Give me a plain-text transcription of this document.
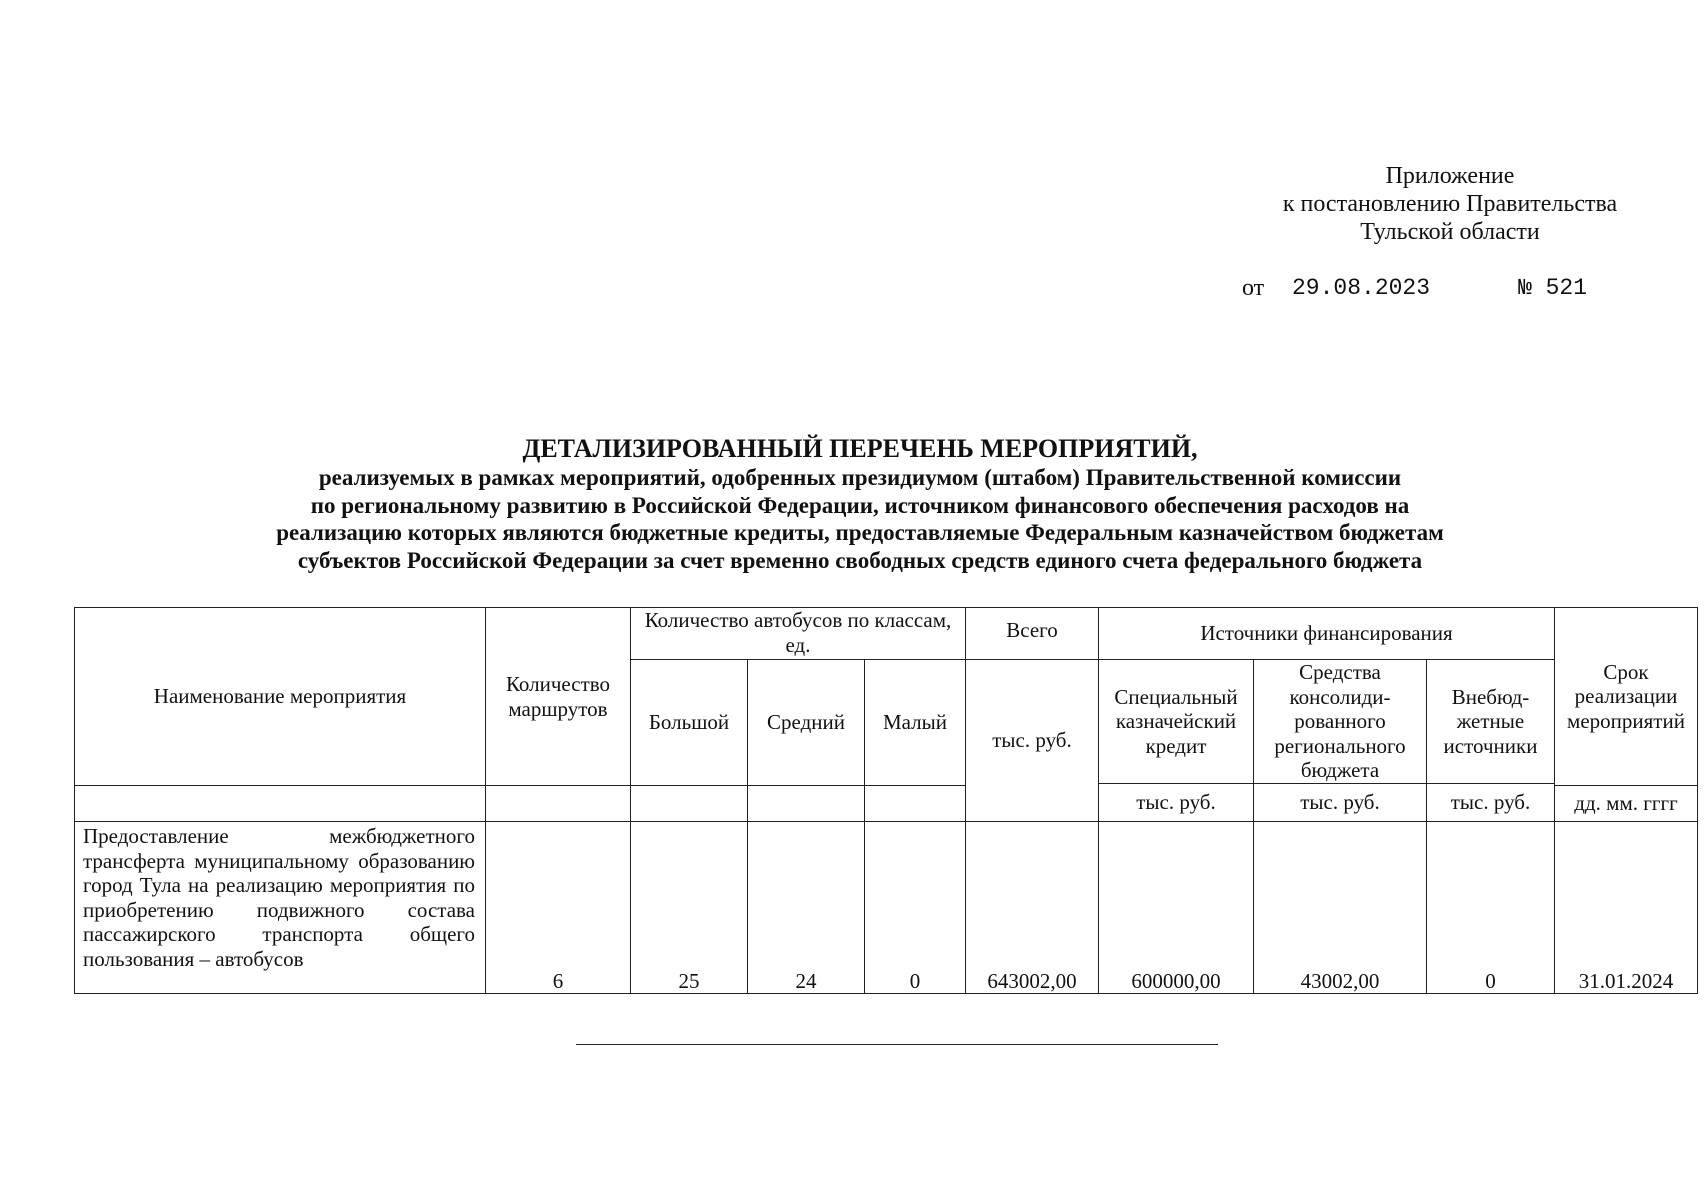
Приложение
к постановлению Правительства
Тульской области
от 29.08.2023	№ 521
ДЕТАЛИЗИРОВАННЫЙ ПЕРЕЧЕНЬ МЕРОПРИЯТИЙ,
реализуемых в рамках мероприятий, одобренных президиумом (штабом) Правительственной комиссии
по региональному развитию в Российской Федерации, источником финансового обеспечения расходов на
реализацию которых являются бюджетные кредиты, предоставляемые Федеральным казначейством бюджетам
субъектов Российской Федерации за счет временно свободных средств единого счета федерального бюджета
Наименование мероприятия	Количество маршрутов	Количество автобусов по классам, ед.			Всего	Источники финансирования			Срок реализации мероприятий
		Большой	Средний	Малый	тыс. руб.	Специальный казначейский кредит	Средства консолиди-рованного регионального бюджета	Внебюд-жетные источники	
						тыс. руб.	тыс. руб.	тыс. руб.	
									дд. мм. гггг
Предоставление межбюджетного трансферта муниципальному образованию город Тула на реализацию мероприятия по приобретению подвижного состава пассажирского транспорта общего пользования – автобусов	6	25	24	0	643002,00	600000,00	43002,00	0	31.01.2024
